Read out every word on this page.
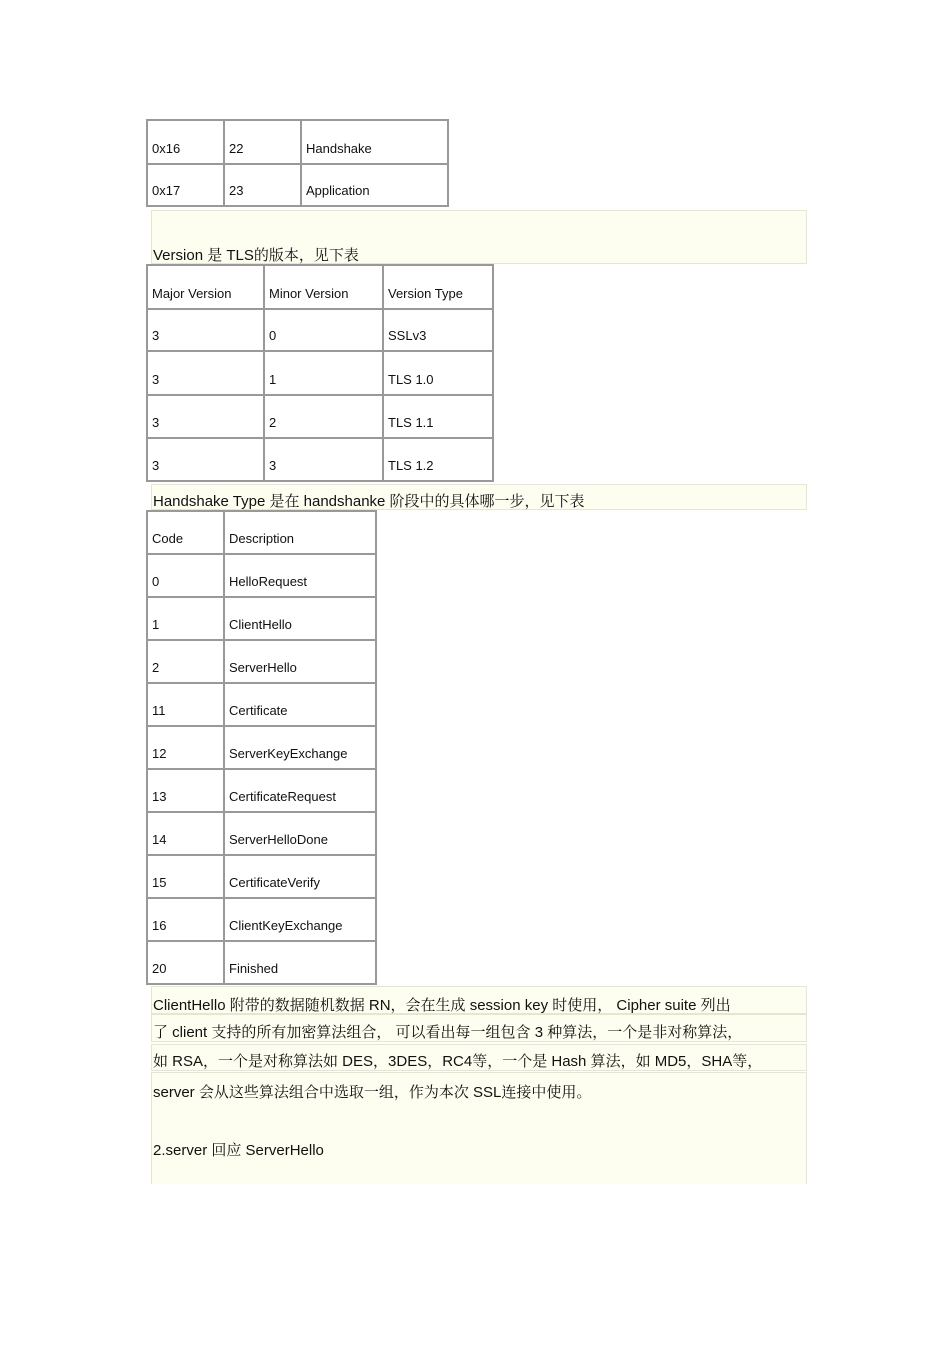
0x16	22	Handshake
0x17	23	Application

Version 是 TLS的版本，见下表

Major Version	Minor Version	Version Type
3	0	SSLv3
3	1	TLS 1.0
3	2	TLS 1.1
3	3	TLS 1.2

Handshake Type 是在 handshanke 阶段中的具体哪一步，见下表

Code	Description
0	HelloRequest
1	ClientHello
2	ServerHello
11	Certificate
12	ServerKeyExchange
13	CertificateRequest
14	ServerHelloDone
15	CertificateVerify
16	ClientKeyExchange
20	Finished

ClientHello 附带的数据随机数据 RN，会在生成 session key 时使用， Cipher suite 列出

了 client 支持的所有加密算法组合， 可以看出每一组包含 3 种算法，一个是非对称算法，

如 RSA，一个是对称算法如 DES，3DES，RC4等，一个是 Hash 算法，如 MD5，SHA等，

server 会从这些算法组合中选取一组，作为本次 SSL连接中使用。

2.server 回应 ServerHello
